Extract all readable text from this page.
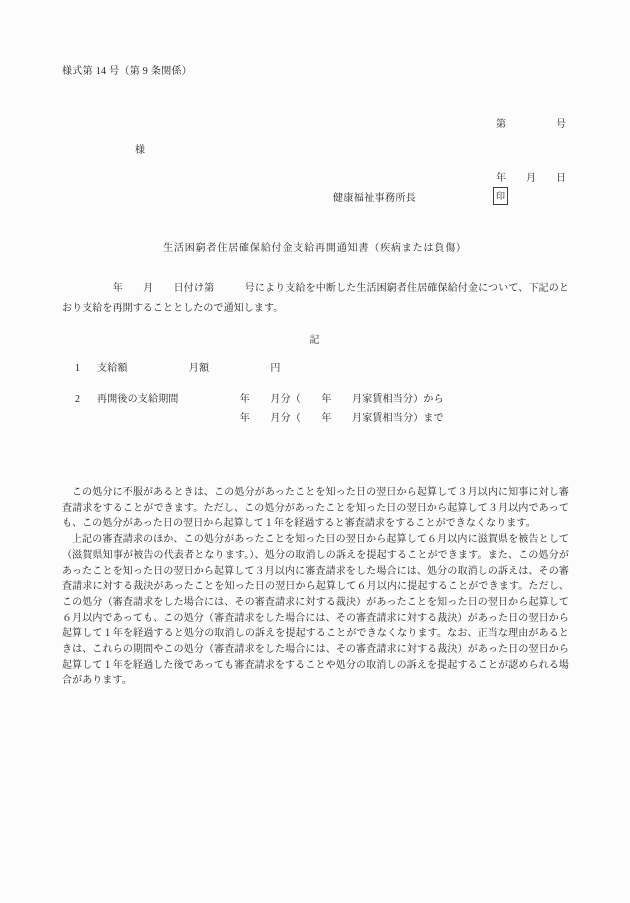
様式第 14 号（第 9 条関係）

第　　　　　号

年　　月　　日

様
健康福祉事務所長	印
生活困窮者住居確保給付金支給再開通知書（疾病または負傷）

　　　　　年　　月　　日付け第　　　号により支給を中断した生活困窮者住居確保給付金について、下記のとおり支給を再開することとしたので通知します。

記
1	支給額　　　　　　月額　　　　　　円
2	再開後の支給期間　　　　　　年　　月分（　　年　　月家賃相当分）から
　　　　　　　　　　　　　　年　　月分（　　年　　月家賃相当分）まで

この処分に不服があるときは、この処分があったことを知った日の翌日から起算して３月以内に知事に対し審査請求をすることができます。ただし、この処分があったことを知った日の翌日から起算して３月以内であっても、この処分があった日の翌日から起算して１年を経過すると審査請求をすることができなくなります。

上記の審査請求のほか、この処分があったことを知った日の翌日から起算して６月以内に滋賀県を被告として（滋賀県知事が被告の代表者となります。）、処分の取消しの訴えを提起することができます。また、この処分があったことを知った日の翌日から起算して３月以内に審査請求をした場合には、処分の取消しの訴えは、その審査請求に対する裁決があったことを知った日の翌日から起算して６月以内に提起することができます。ただし、この処分（審査請求をした場合には、その審査請求に対する裁決）があったことを知った日の翌日から起算して６月以内であっても、この処分（審査請求をした場合には、その審査請求に対する裁決）があった日の翌日から起算して１年を経過すると処分の取消しの訴えを提起することができなくなります。なお、正当な理由があるときは、これらの期間やこの処分（審査請求をした場合には、その審査請求に対する裁決）があった日の翌日から起算して１年を経過した後であっても審査請求をすることや処分の取消しの訴えを提起することが認められる場合があります。
